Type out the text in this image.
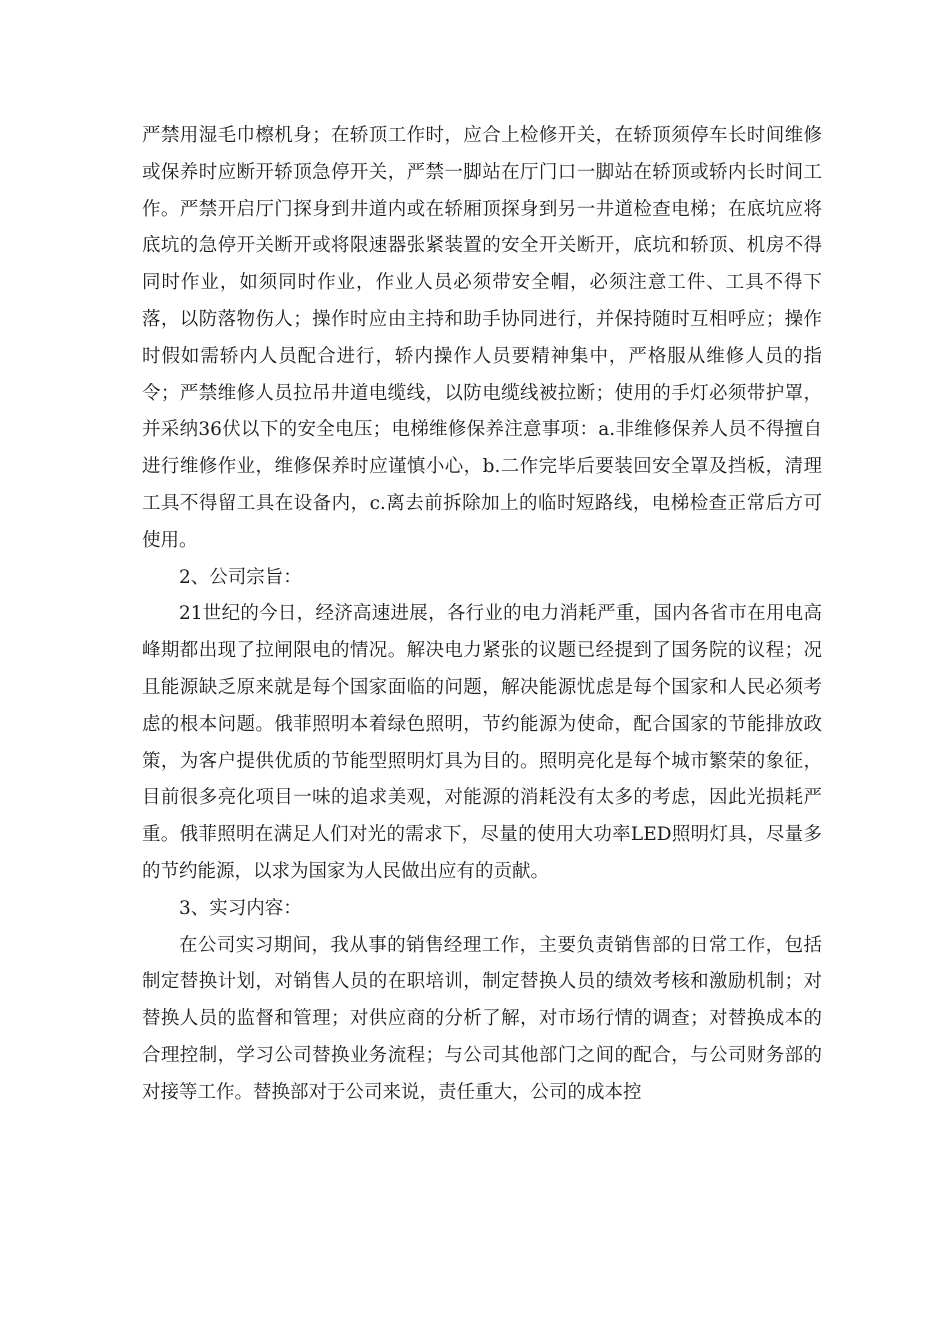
严禁用湿毛巾檫机身；在轿顶工作时，应合上检修开关，在轿顶须停车长时间维修或保养时应断开轿顶急停开关，严禁一脚站在厅门口一脚站在轿顶或轿内长时间工作。严禁开启厅门探身到井道内或在轿厢顶探身到另一井道检查电梯；在底坑应将底坑的急停开关断开或将限速器张紧装置的安全开关断开，底坑和轿顶、机房不得同时作业，如须同时作业，作业人员必须带安全帽，必须注意工件、工具不得下落，以防落物伤人；操作时应由主持和助手协同进行，并保持随时互相呼应；操作时假如需轿内人员配合进行，轿内操作人员要精神集中，严格服从维修人员的指令；严禁维修人员拉吊井道电缆线，以防电缆线被拉断；使用的手灯必须带护罩，并采纳36伏以下的安全电压；电梯维修保养注意事项：a.非维修保养人员不得擅自进行维修作业，维修保养时应谨慎小心，b.二作完毕后要装回安全罩及挡板，清理工具不得留工具在设备内，c.离去前拆除加上的临时短路线，电梯检查正常后方可使用。

2、公司宗旨：

21世纪的今日，经济高速进展，各行业的电力消耗严重，国内各省市在用电高峰期都出现了拉闸限电的情况。解决电力紧张的议题已经提到了国务院的议程；况且能源缺乏原来就是每个国家面临的问题，解决能源忧虑是每个国家和人民必须考虑的根本问题。俄菲照明本着绿色照明，节约能源为使命，配合国家的节能排放政策，为客户提供优质的节能型照明灯具为目的。照明亮化是每个城市繁荣的象征，目前很多亮化项目一味的追求美观，对能源的消耗没有太多的考虑，因此光损耗严重。俄菲照明在满足人们对光的需求下，尽量的使用大功率LED照明灯具，尽量多的节约能源，以求为国家为人民做出应有的贡献。

3、实习内容：

在公司实习期间，我从事的销售经理工作，主要负责销售部的日常工作，包括制定替换计划，对销售人员的在职培训，制定替换人员的绩效考核和激励机制；对替换人员的监督和管理；对供应商的分析了解，对市场行情的调查；对替换成本的合理控制，学习公司替换业务流程；与公司其他部门之间的配合，与公司财务部的对接等工作。替换部对于公司来说，责任重大，公司的成本控
